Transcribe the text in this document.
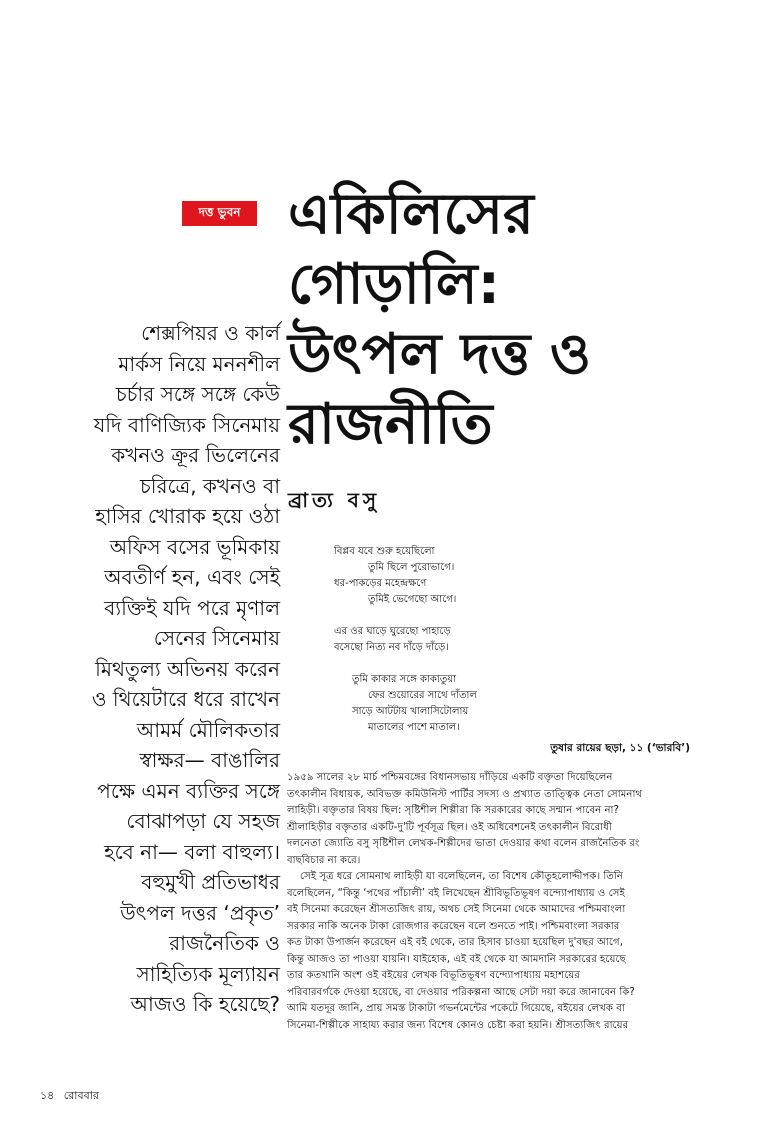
দত্ত ভুবন একিলিসের
গোড়ালি:
উৎপল দত্ত ও
রাজনীতি
ব্রাত্য বসু
শেক্সপিয়র ও কার্ল
মার্কস নিয়ে মননশীল
চর্চার সঙ্গে সঙ্গে কেউ
যদি বাণিজ্যিক সিনেমায়
কখনও ক্রূর ভিলেনের
চরিত্রে, কখনও বা
হাসির খোরাক হয়ে ওঠা
অফিস বসের ভূমিকায়
অবতীর্ণ হন, এবং সেই
ব্যক্তিই যদি পরে মৃণাল
সেনের সিনেমায়
মিথতুল্য অভিনয় করেন
ও থিয়েটারে ধরে রাখেন
আমর্ম মৌলিকতার
স্বাক্ষর— বাঙালির
পক্ষে এমন ব্যক্তির সঙ্গে
বোঝাপড়া যে সহজ
হবে না— বলা বাহুল্য।
বহুমুখী প্রতিভাধর
উৎপল দত্তর ‘প্রকৃত’
রাজনৈতিক ও
সাহিত্যিক মূল্যায়ন
আজও কি হয়েছে?
বিপ্লব যবে শুরু হয়েছিলো
তুমি ছিলে পুরোভাগে।
ধর-পাকড়ের মহেন্দ্রক্ষণে
তুমিই ভেগেছো আগে।
এর ওর ঘাড়ে ঘুরেছো পাহাড়ে
বসেছো নিত্য নব দাঁড়ে দাঁড়ে।
তুমি কাকার সঙ্গে কাকাতুয়া
ফের শুয়োরের সাথে দাঁতাল
সাড়ে আটটায় খালাসিটোলায়
মাতালের পাশে মাতাল।
তুষার রায়ের ছড়া, ১১ (‘ভারবি’)
১৯৫৯ সালের ২৮ মার্চ পশ্চিমবঙ্গের বিধানসভায় দাঁড়িয়ে একটি বক্তৃতা দিয়েছিলেন
তৎকালীন বিধায়ক, অবিভক্ত কমিউনিস্ট পার্টির সদস্য ও প্রখ্যাত তাত্ত্বিক নেতা সোমনাথ
লাহিড়ী। বক্তৃতার বিষয় ছিল: সৃষ্টিশীল শিল্পীরা কি সরকারের কাছে সম্মান পাবেন না?
শ্রীলাহিড়ীর বক্তৃতার একটি-দু'টি পূর্বসূত্র ছিল। ওই অধিবেশনেই তৎকালীন বিরোধী
দলনেতা জ্যোতি বসু সৃষ্টিশীল লেখক-শিল্পীদের ভাতা দেওয়ার কথা বলেন রাজনৈতিক রং
বাছবিচার না করে।
সেই সূত্র ধরে সোমনাথ লাহিড়ী যা বলেছিলেন, তা বিশেষ কৌতূহলোদ্দীপক। তিনি
বলেছিলেন, “কিন্তু ‘পথের পাঁচালী’ বই লিখেছেন শ্রীবিভূতিভূষণ বন্দ্যোপাধ্যায় ও সেই
বই সিনেমা করেছেন শ্রীসত্যজিৎ রায়, অথচ সেই সিনেমা থেকে আমাদের পশ্চিমবাংলা
সরকার নাকি অনেক টাকা রোজগার করেছেন বলে শুনতে পাই। পশ্চিমবাংলা সরকার
কত টাকা উপার্জন করেছেন এই বই থেকে, তার হিসাব চাওয়া হয়েছিল দু'বছর আগে,
কিন্তু আজও তা পাওয়া যায়নি। যাইহোক, এই বই থেকে যা আমদানি সরকারের হয়েছে
তার কতখানি অংশ ওই বইয়ের লেখক বিভূতিভূষণ বন্দ্যোপাধ্যায় মহাশয়ের
পরিবারবর্গকে দেওয়া হয়েছে, বা দেওয়ার পরিকল্পনা আছে সেটা দয়া করে জানাবেন কি?
আমি যতদূর জানি, প্রায় সমস্ত টাকাটা গভর্নমেন্টের পকেটে গিয়েছে, বইয়ের লেখক বা
সিনেমা-শিল্পীকে সাহায্য করার জন্য বিশেষ কোনও চেষ্টা করা হয়নি। শ্রীসত্যজিৎ রায়ের
১৪ রোববার
